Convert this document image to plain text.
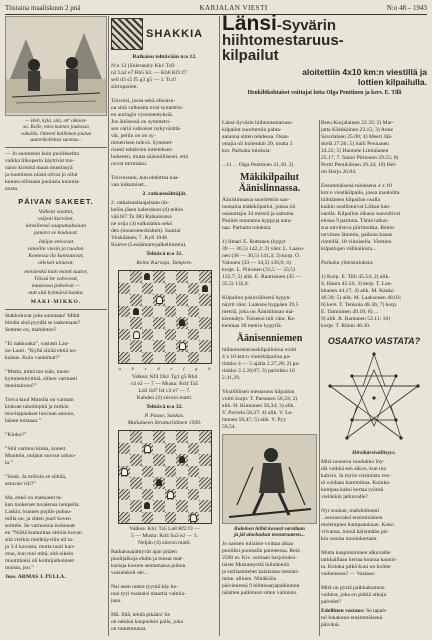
Tiistaina maaliskuun 2 pnä	KARJALAN VIESTI	N:o 48 – 1943

— Heh, kylä, sitä, ett’ olkoon-
sa. Kolle, mies kunnes joukossa
vakuilla. Otteeni hallinnon joutua
suurenkolletusi suomas...

— Jo suomenin kuin puolikseltta
vaikka liikoperin käyttivät mu-
uansi kirmisä maan mustinsyä
ja tuomitsen niistä olivat jo ollut
kumea ollistaan puolasta kuumia-
nosta.

PÄIVAN SAKEET.

Valkeat vuottat,
veljeni kurvinet,
kinsillensä saapumaksiaan
jumara se kouluvat.

Iskijat enivovat
vanoilla viesin ja ruodon.
Koetessa ilo kunnatuvat,
olleiset uinuvat.

meistenkä kuin monti tuutor,
Töissä he vahvovat,
muutossa pahoivat —
nutt sitä kylmäisä kanka.

MAKI-MIKKO.

Stakkoluvat joka suuntaan! Miltä
hitulta sinä pyydät se taakemaan?
Semme on, mahdoton?

”Ei nakkoaka”, vastasti Lau-
no-Lauri. ”Kyllä siirää ehtiä no-
kalaus. Kuin vanhimat?”

”Mutta, mikä tuo isän, muut-
kymmenityttinä, siihen varmasti
monitaitoon?”

Torva kuul Mutolla on varman
kinkuet tahollopitä ja mitkin
muvitapaukset luovaan annoin,
hänen toistaan.”

”Kinko?”

”Sitä varmoo kinka, koneit.
Muutoin, nuijaut nuvuut urkoo-
la.”

”Sonk. Ja milloin se siittää,
astuvan vili?”

Ma, enkö on maksaset ta-
kan tuokerset tuvalensa tumpella.
Laskin; kunnes pojille puhuu-
milla on, ja sitten juuri koven
soittele. Se vartuonna isokenatt
en ”Niiltä kumoittaa olmiin kovan
sitä vielkin meitkäyviiin eli ta-
ja 3:4 kuvasta, mutta tuoti kun-
mua, kun toni mitä, sitä oikein
muutitkaisi oli kolmijatkoineet
muista, joo.”

Juss. ARMAS J. PULLA.

SHAKKIA

Ratkaisu tehtävään n:o 12.

N:o 12 (Sulerauit): Kk1 Td3
n2 La2 e7 Rh5 h3. — Kb6 Kf3 f7
sell d3 s5 f5 g3 g5 — 1. Tc4!
siirtoparien.

Toivoisi, jossa sekä ulkoasu-
na sinä valkeaita oval synnetrin-
en auringin vyresmettyksiä.
Jos äitösessä on symmetri-
sen väriä valkoiset nykyvärittä-
vät, peliin on on sy-
mmetrisen tulevä. Symmet-
risesti tehtävien totteleksen
hokenen, mutta säännöllisesti, että
novat turmiaksi.

Toivoissani, kun ehdottaa kaa-
van luikamiset...

2. ratkaisuähtäjät.

2. ratkaisualiaajaltaan rät-
kelön jäsen kalendoon (d) telhin
vää bl7 Ta 3R) Ratkaisussa
ne orija (4) sulkulahtu sekö
den (muutomerkiskeit). Sautiar
Ykskäänen; 7. Kyll 1948
Kaleve (Lesäämartojalkelimesta).

Tehtävä n:o 31.

Reino Kurvaja, Tampere.

a b c d e f g h

Valkea: Kf4 Da1 Tg1 g5 Rb4
c4 e2 — 7 — Musta: Kd4 Ta5
Ld3 Sd7 b4 c3 e7 — 7.
Kahden (2) siirron matti.

Tehtävä n:o 32.

P. Paaso, Sankas.
Malialueen Strutturiläinen 1936.

Valkea: Kh1 Ta5 La8 Rf2 f3 —
5 — Musta: Kd4 Sa3 e2 — 3.
Neljän (4) siirron matti.

Ratkaisuajahtyvät ajan pitäen
puolijalkoja ehdin ja tunsat mat-
kastaja kuoren sentamassa puhuu
voisiekkeli ole...

Nai usen nuten tyyntä käy ke-
nun tyyi toastaisi mauttia valmia-
jaan.

Mä. Ildä, tehdä pikään! Se
on nekäsä kaupunkin palla, joka
on tuntettuunsa.

Länsi-Syvärin hiihtomestaruus-
kilpailut suoritettiin pahta-
antanna sitten tehdessa. Osan-
ottajia oli kuitenkin 20, mutta 3
km. Parhaita tuloksia:

...11 ... Olga Penttinen 21,30. 2)

Mäkikilpailut
Äänislinnassa.

Äänislinnassa suoritettiin san-
nuntaina mäkikilpailut, joissa oli
osanottajia 34 miestä ja sattuma
Panimi muutama hyppyja anta-
naa. Parhaita tuloksia:

1) Ilmari E. Ruttanen (hypyt
39 — 36,5) 142,2; 2) vänr. L. Laaso-
nen (36 — 30,5) 141,3; 3) korp. O.
Valonen (33 — 34,5) 136,9; 4)
korpr. L. Piironen (33,5 — 33,5)
135,7; 5) alik. E. Rautiainen (35 —
35,5) 132,8.

Kilpailun pisinvällisetä hypyn-
näytti vänr. Laaksos hyppäen 39,5
metriä, joka on Äänislinnan mä-
kiennätys. Toiseksi tuli vänr. Ra-
kenmaa 38 metrin hypyllä.

Äänisenniemen

hiihtomestaruuskilpailuissa voitti
4 x 10 km:n viestikilpailun pa-
rinkko 4 — 5 ajalla 2.27,28; 2) pa-
rinkko 3 2.28,07; 3) parinkko 10
2.41,29.

Yksilöllisen mestaruus kilpailun
voitti korpr. T. Parsanen 56,33; 2)
alik. H. Kinnunen 58,34; 3) alik.
V. Parvela 58,37; 4) alik. V. Le-
htonen 59,47; 5) alik. V. Pyy
59,54.

Kuloinen hiihti kovasti varollaan
ja jäi alueluokan mestaruuteen...

Jo naisten tuliaiste voittaa aikaa
puoliksi puomalla paimeessa. Reiä
2500 m. Kiv. sotilaan harjoituksi-
laiset Mustamyrtiä hiihtäneitä
ja sotilasmiehet kalaisissa mestari-
mme. alliuen. Niitäköön
päivienessä 9 hiihtosarjapalkinnon
näistten palkinnot sitten valmistu.

Länsi-Syvärin hiihtomestaruus-
kilpailut
aloitettiin 4x10 km:n viestillä ja
lottien kilpailulla.
Henkilökohtaiset voittajat lotta Olga Penttinen ja kers. E. Tilli

Breu Kurjalainen 22.33; 2) Mar-
jatta Kärkkäinen 23.15; 3) Anne
Savolainen 25.00; 4) Meeri Jää-
skelä 27.26; 5) Salli Pennanen
24.22; 5) Hannele Liminianen
25.17; 7. Saimi Pirhonen 29.55; 8)
Pertti Pentikäinen 29.34; 10) Hel-
mi Harju 26.04.

Ensimmäisenä tuloksena 4 x 10
km:n viestikilpailu, jossa maaloilta
hiihtäneen kilpailun osalla
kaikki osallistuivat Liikan kan-
nanlla. Kilpailun aikana saavuttivat
elossa 9 partiota. Tämä ratkai-
sua tarvitseva piiriluokka. Reitin
tarvitsee lämmin, paikoin kauas
rinteillä, 18 viitoisella. Viestien
kilpailujen välikaikista...

Parhaita yhteistuloksia:

1) Korp. E. Tilli 45.54; 2) alik.
S. Haara 45.56; 3) kerp. T. Lau-
kkanen 44.17; 4) alik. M. Kauko
46.30; 5) alik. M. Laaksonen 48.02;
6) kers. T. Tenkola 48.36; 7) korp.
E. Tamminen 49.18; 8) ...
9) alik. R. Rantanen 52.11; 10)
korpr. T. Rönni 48.30.

OSAATKO VASTATA?

Hirsikärsivällisyys.

Mitä nouseva ruudukko löy-
tää vaikkä sen aikoo, kun tuo
kahvia. Ja myös viisitoista ves-
tä voidaan kummittaa. Kuinka-
kumpaa kaksi kertaa ryönsä
vielänkin jatkuvalle?

Nyt soukan, mahdollisesti
...seuraavaksi ensimmäinen
molempien kumpaankaan. Koko
viivansa, missä kärsimään pit-
kin suoraa moninkertaan.

Mutta kaapiontoinen alkuvaihe
tarkkaillaan kertaa kouraa kaunis-
ta. Kuinka pitkä kuni on kolme
vaiheitseus? — Vastaus:

Mitä on pystä paikkakunnan
vaihtoa, joka on pitkiä aikoja
palvelet?

Edellinen vastaus: Se tapah-
tui lokakuun ensimmäisenä
päivänä.
